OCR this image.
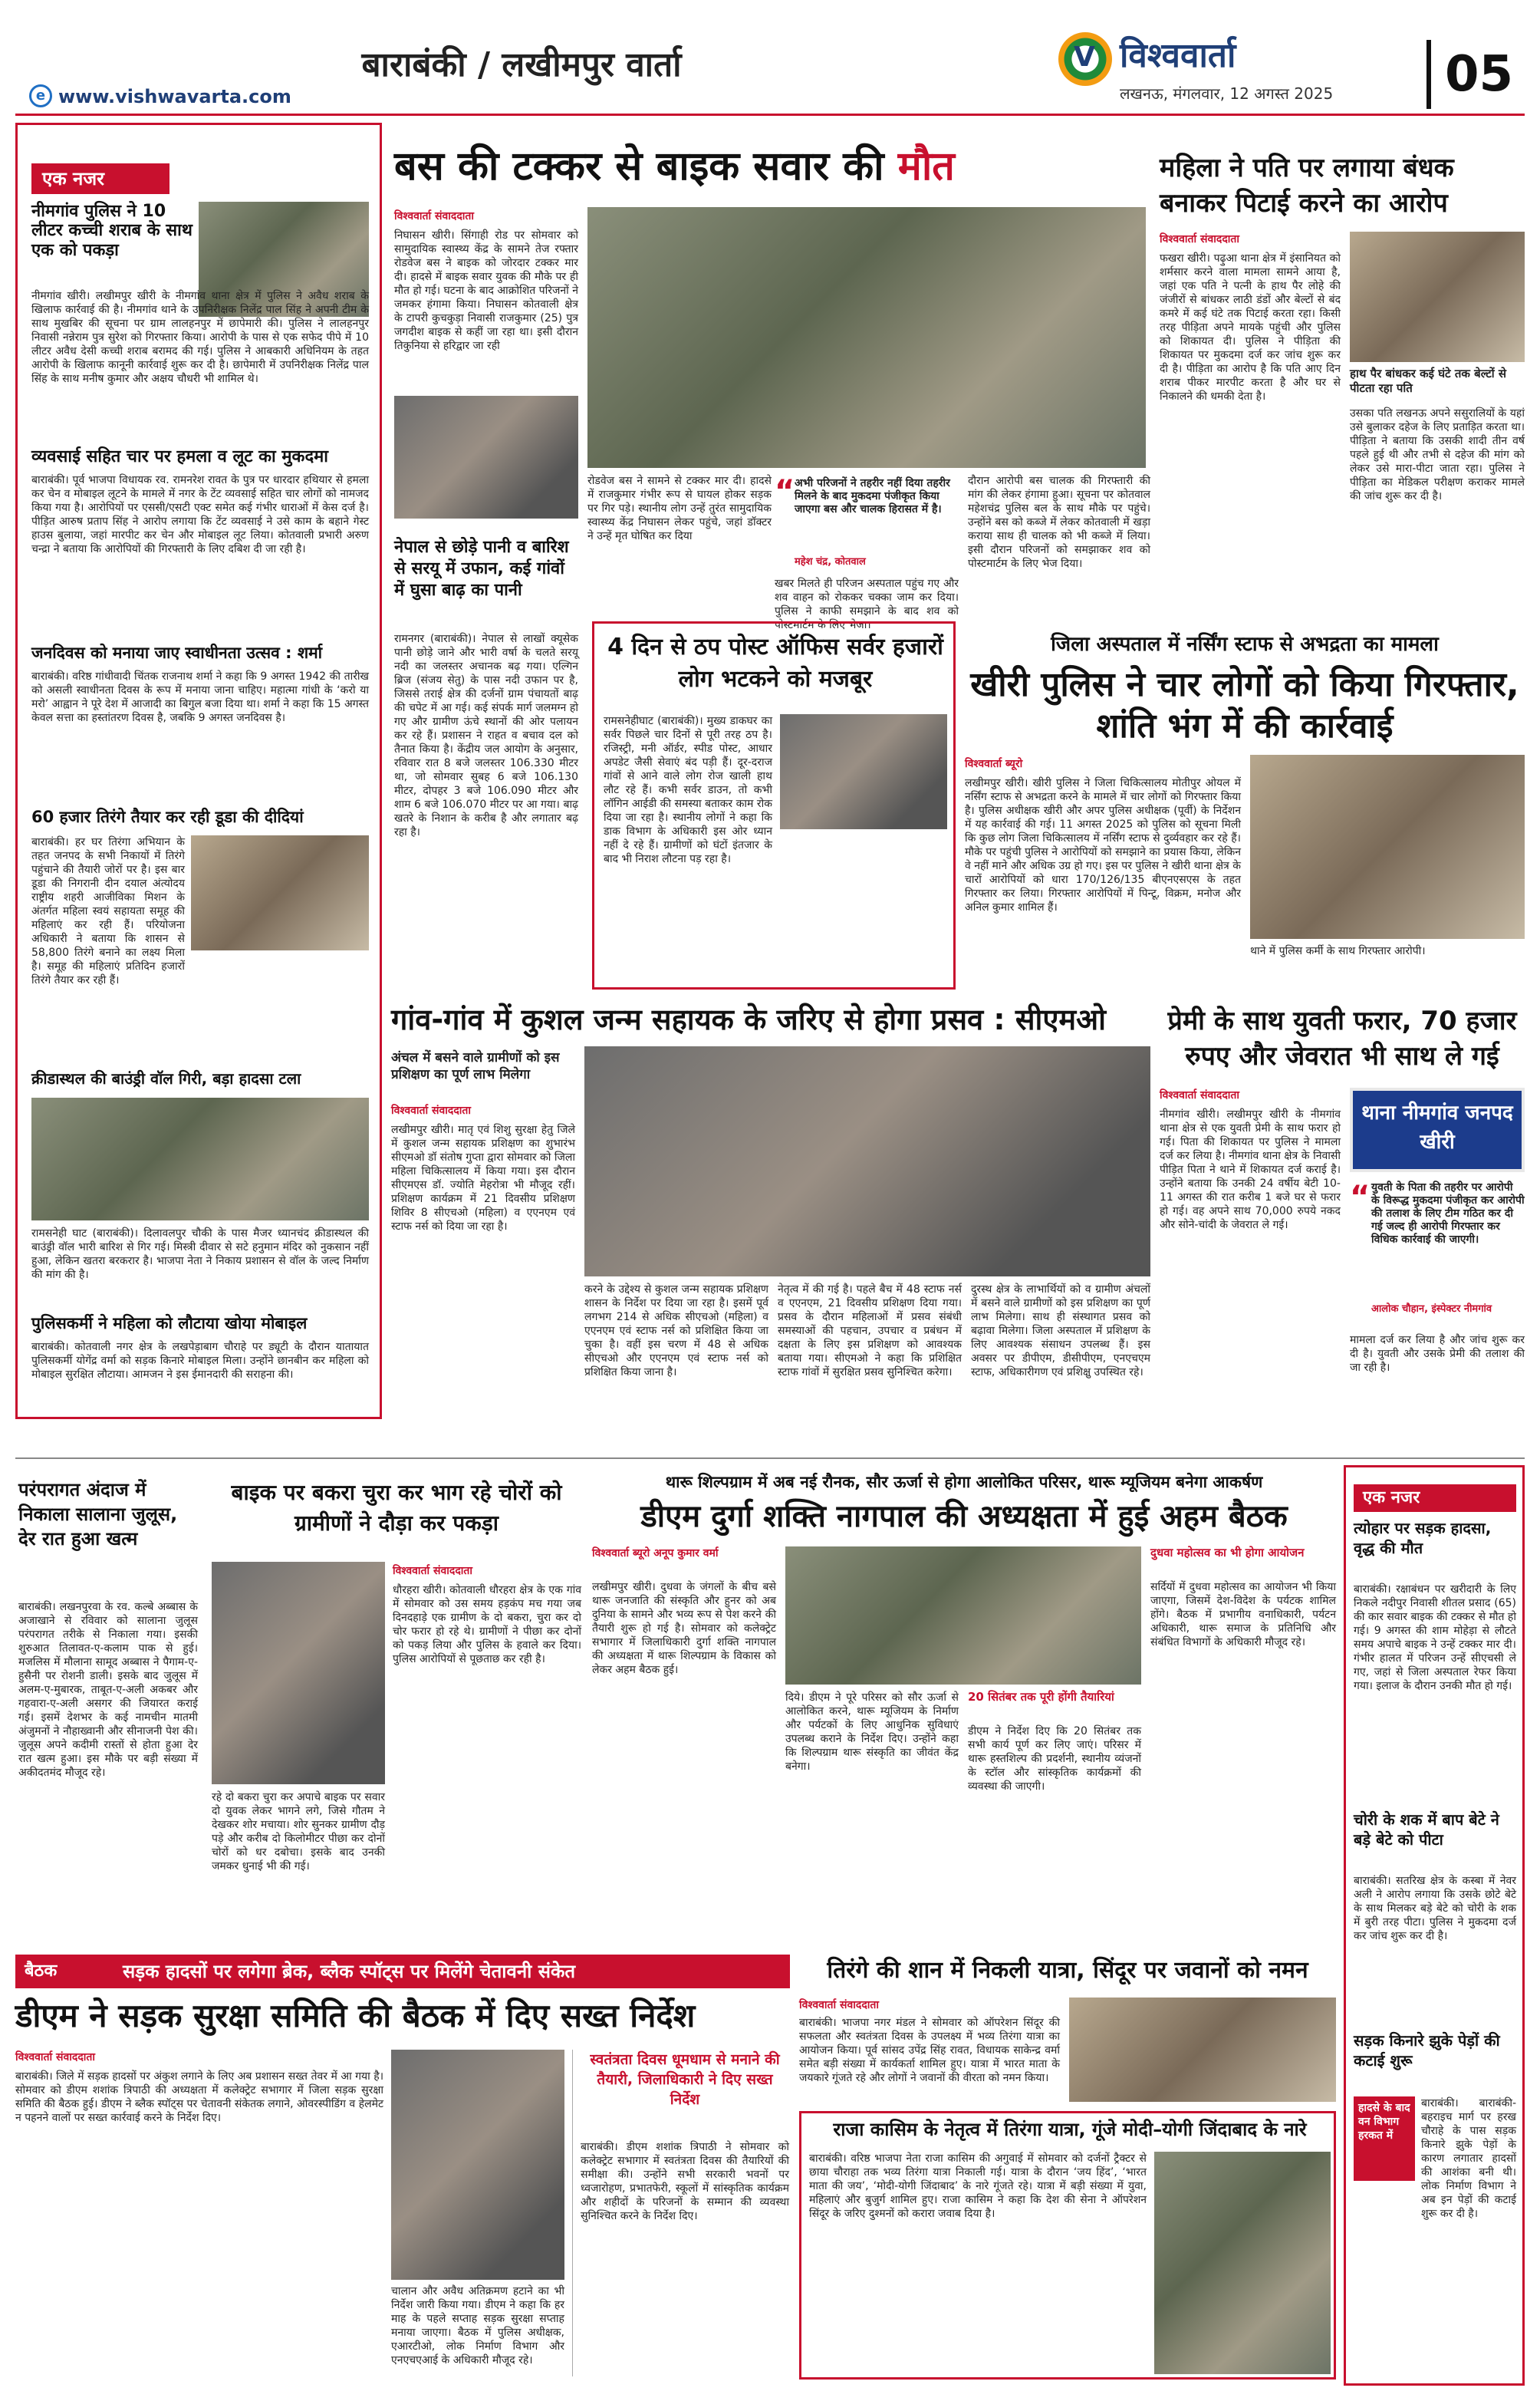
बाराबंकी / लखीमपुर वार्ता
e www.vishwavarta.com
V विश्ववार्ता
लखनऊ, मंगलवार, 12 अगस्त 2025	05
एक नजर
नीमगांव पुलिस ने 10 लीटर कच्ची शराब के साथ एक को पकड़ा
नीमगांव खीरी। लखीमपुर खीरी के नीमगांव थाना क्षेत्र में पुलिस ने अवैध शराब के खिलाफ कार्रवाई की है। नीमगांव थाने के उपनिरीक्षक निलेंद्र पाल सिंह ने अपनी टीम के साथ मुखबिर की सूचना पर ग्राम लालहनपुर में छापेमारी की। पुलिस ने लालहनपुर निवासी नन्नेराम पुत्र सुरेश को गिरफ्तार किया। आरोपी के पास से एक सफेद पीपे में 10 लीटर अवैध देसी कच्ची शराब बरामद की गई। पुलिस ने आबकारी अधिनियम के तहत आरोपी के खिलाफ कानूनी कार्रवाई शुरू कर दी है। छापेमारी में उपनिरीक्षक निलेंद्र पाल सिंह के साथ मनीष कुमार और अक्षय चौधरी भी शामिल थे।
व्यवसाई सहित चार पर हमला व लूट का मुकदमा
बाराबंकी। पूर्व भाजपा विधायक रव. रामनरेश रावत के पुत्र पर धारदार हथियार से हमला कर चेन व मोबाइल लूटने के मामले में नगर के टेंट व्यवसाई सहित चार लोगों को नामजद किया गया है। आरोपियों पर एससी/एसटी एक्ट समेत कई गंभीर धाराओं में केस दर्ज है। पीड़ित आरुष प्रताप सिंह ने आरोप लगाया कि टेंट व्यवसाई ने उसे काम के बहाने गेस्ट हाउस बुलाया, जहां मारपीट कर चेन और मोबाइल लूट लिया। कोतवाली प्रभारी अरुण चन्द्रा ने बताया कि आरोपियों की गिरफ्तारी के लिए दबिश दी जा रही है।
जनदिवस को मनाया जाए स्वाधीनता उत्सव : शर्मा
बाराबंकी। वरिष्ठ गांधीवादी चिंतक राजनाथ शर्मा ने कहा कि 9 अगस्त 1942 की तारीख को असली स्वाधीनता दिवस के रूप में मनाया जाना चाहिए। महात्मा गांधी के ‘करो या मरो’ आह्वान ने पूरे देश में आजादी का बिगुल बजा दिया था। शर्मा ने कहा कि 15 अगस्त केवल सत्ता का हस्तांतरण दिवस है, जबकि 9 अगस्त जनदिवस है।
60 हजार तिरंगे तैयार कर रही डूडा की दीदियां
बाराबंकी। हर घर तिरंगा अभियान के तहत जनपद के सभी निकायों में तिरंगे पहुंचाने की तैयारी जोरों पर है। इस बार डूडा की निगरानी दीन दयाल अंत्योदय राष्ट्रीय शहरी आजीविका मिशन के अंतर्गत महिला स्वयं सहायता समूह की महिलाएं कर रही हैं। परियोजना अधिकारी ने बताया कि शासन से 58,800 तिरंगे बनाने का लक्ष्य मिला है। समूह की महिलाएं प्रतिदिन हजारों तिरंगे तैयार कर रही हैं।
क्रीडास्थल की बाउंड्री वॉल गिरी, बड़ा हादसा टला
रामसनेही घाट (बाराबंकी)। दिलावलपुर चौकी के पास मैजर ध्यानचंद क्रीडास्थल की बाउंड्री वॉल भारी बारिश से गिर गई। मिस्त्री दीवार से सटे हनुमान मंदिर को नुकसान नहीं हुआ, लेकिन खतरा बरकरार है। भाजपा नेता ने निकाय प्रशासन से वॉल के जल्द निर्माण की मांग की है।
पुलिसकर्मी ने महिला को लौटाया खोया मोबाइल
बाराबंकी। कोतवाली नगर क्षेत्र के लखपेड़ाबाग चौराहे पर ड्यूटी के दौरान यातायात पुलिसकर्मी योगेंद्र वर्मा को सड़क किनारे मोबाइल मिला। उन्होंने छानबीन कर महिला को मोबाइल सुरक्षित लौटाया। आमजन ने इस ईमानदारी की सराहना की।
बस की टक्कर से बाइक सवार की मौत
विश्ववार्ता संवाददाता
निघासन खीरी। सिंगाही रोड पर सोमवार को सामुदायिक स्वास्थ्य केंद्र के सामने तेज रफ्तार रोडवेज बस ने बाइक को जोरदार टक्कर मार दी। हादसे में बाइक सवार युवक की मौके पर ही मौत हो गई। घटना के बाद आक्रोशित परिजनों ने जमकर हंगामा किया। निघासन कोतवाली क्षेत्र के टापरी कुचकुड़ा निवासी राजकुमार (25) पुत्र जगदीश बाइक से कहीं जा रहा था। इसी दौरान तिकुनिया से हरिद्वार जा रही
रोडवेज बस ने सामने से टक्कर मार दी। हादसे में राजकुमार गंभीर रूप से घायल होकर सड़क पर गिर पड़े। स्थानीय लोग उन्हें तुरंत सामुदायिक स्वास्थ्य केंद्र निघासन लेकर पहुंचे, जहां डॉक्टर ने उन्हें मृत घोषित कर दिया
“ अभी परिजनों ने तहरीर नहीं दिया तहरीर मिलने के बाद मुकदमा पंजीकृत किया जाएगा बस और चालक हिरासत में है।
महेश चंद्र, कोतवाल
खबर मिलते ही परिजन अस्पताल पहुंच गए और शव वाहन को रोककर चक्का जाम कर दिया। पुलिस ने काफी समझाने के बाद शव को पोस्टमार्टम के लिए भेजा।
दौरान आरोपी बस चालक की गिरफ्तारी की मांग की लेकर हंगामा हुआ। सूचना पर कोतवाल महेशचंद्र पुलिस बल के साथ मौके पर पहुंचे। उन्होंने बस को कब्जे में लेकर कोतवाली में खड़ा कराया साथ ही चालक को भी कब्जे में लिया। इसी दौरान परिजनों को समझाकर शव को पोस्टमार्टम के लिए भेज दिया।
नेपाल से छोड़े पानी व बारिश से सरयू में उफान, कई गांवों में घुसा बाढ़ का पानी
रामनगर (बाराबंकी)। नेपाल से लाखों क्यूसेक पानी छोड़े जाने और भारी वर्षा के चलते सरयू नदी का जलस्तर अचानक बढ़ गया। एल्गिन ब्रिज (संजय सेतु) के पास नदी उफान पर है, जिससे तराई क्षेत्र की दर्जनों ग्राम पंचायतों बाढ़ की चपेट में आ गई। कई संपर्क मार्ग जलमग्न हो गए और ग्रामीण ऊंचे स्थानों की ओर पलायन कर रहे हैं। प्रशासन ने राहत व बचाव दल को तैनात किया है। केंद्रीय जल आयोग के अनुसार, रविवार रात 8 बजे जलस्तर 106.330 मीटर था, जो सोमवार सुबह 6 बजे 106.130 मीटर, दोपहर 3 बजे 106.090 मीटर और शाम 6 बजे 106.070 मीटर पर आ गया। बाढ़ खतरे के निशान के करीब है और लगातार बढ़ रहा है।
4 दिन से ठप पोस्ट ऑफिस सर्वर हजारों लोग भटकने को मजबूर
रामसनेहीघाट (बाराबंकी)। मुख्य डाकघर का सर्वर पिछले चार दिनों से पूरी तरह ठप है। रजिस्ट्री, मनी ऑर्डर, स्पीड पोस्ट, आधार अपडेट जैसी सेवाएं बंद पड़ी हैं। दूर-दराज गांवों से आने वाले लोग रोज खाली हाथ लौट रहे हैं। कभी सर्वर डाउन, तो कभी लॉगिन आईडी की समस्या बताकर काम रोक दिया जा रहा है। स्थानीय लोगों ने कहा कि डाक विभाग के अधिकारी इस ओर ध्यान नहीं दे रहे हैं। ग्रामीणों को घंटों इंतजार के बाद भी निराश लौटना पड़ रहा है।
जिला अस्पताल में नर्सिंग स्टाफ से अभद्रता का मामला
खीरी पुलिस ने चार लोगों को किया गिरफ्तार, शांति भंग में की कार्रवाई
विश्ववार्ता ब्यूरो
लखीमपुर खीरी। खीरी पुलिस ने जिला चिकित्सालय मोतीपुर ओयल में नर्सिंग स्टाफ से अभद्रता करने के मामले में चार लोगों को गिरफ्तार किया है। पुलिस अधीक्षक खीरी और अपर पुलिस अधीक्षक (पूर्वी) के निर्देशन में यह कार्रवाई की गई। 11 अगस्त 2025 को पुलिस को सूचना मिली कि कुछ लोग जिला चिकित्सालय में नर्सिंग स्टाफ से दुर्व्यवहार कर रहे हैं। मौके पर पहुंची पुलिस ने आरोपियों को समझाने का प्रयास किया, लेकिन वे नहीं माने और अधिक उग्र हो गए। इस पर पुलिस ने खीरी थाना क्षेत्र के चारों आरोपियों को धारा 170/126/135 बीएनएसएस के तहत गिरफ्तार कर लिया। गिरफ्तार आरोपियों में पिन्टू, विक्रम, मनोज और अनिल कुमार शामिल हैं।
थाने में पुलिस कर्मी के साथ गिरफ्तार आरोपी।
महिला ने पति पर लगाया बंधक बनाकर पिटाई करने का आरोप
विश्ववार्ता संवाददाता
फखरा खीरी। पढ़ुआ थाना क्षेत्र में इंसानियत को शर्मसार करने वाला मामला सामने आया है, जहां एक पति ने पत्नी के हाथ पैर लोहे की जंजीरों से बांधकर लाठी डंडों और बेल्टों से बंद कमरे में कई घंटे तक पिटाई करता रहा। किसी तरह पीड़िता अपने मायके पहुंची और पुलिस को शिकायत दी। पुलिस ने पीड़िता की शिकायत पर मुकदमा दर्ज कर जांच शुरू कर दी है। पीड़िता का आरोप है कि पति आए दिन शराब पीकर मारपीट करता है और घर से निकालने की धमकी देता है।
हाथ पैर बांधकर कई घंटे तक बेल्टों से पीटता रहा पति
उसका पति लखनऊ अपने ससुरालियों के यहां उसे बुलाकर दहेज के लिए प्रताड़ित करता था। पीड़िता ने बताया कि उसकी शादी तीन वर्ष पहले हुई थी और तभी से दहेज की मांग को लेकर उसे मारा-पीटा जाता रहा। पुलिस ने पीड़िता का मेडिकल परीक्षण कराकर मामले की जांच शुरू कर दी है।
गांव-गांव में कुशल जन्म सहायक के जरिए से होगा प्रसव : सीएमओ
अंचल में बसने वाले ग्रामीणों को इस प्रशिक्षण का पूर्ण लाभ मिलेगा
विश्ववार्ता संवाददाता
लखीमपुर खीरी। मातृ एवं शिशु सुरक्षा हेतु जिले में कुशल जन्म सहायक प्रशिक्षण का शुभारंभ सीएमओ डॉ संतोष गुप्ता द्वारा सोमवार को जिला महिला चिकित्सालय में किया गया। इस दौरान सीएमएस डॉ. ज्योति मेहरोत्रा भी मौजूद रहीं। प्रशिक्षण कार्यक्रम में 21 दिवसीय प्रशिक्षण शिविर 8 सीएचओ (महिला) व एएनएम एवं स्टाफ नर्स को दिया जा रहा है।
करने के उद्देश्य से कुशल जन्म सहायक प्रशिक्षण शासन के निर्देश पर दिया जा रहा है। इसमें पूर्व लगभग 214 से अधिक सीएचओ (महिला) व एएनएम एवं स्टाफ नर्स को प्रशिक्षित किया जा चुका है। वहीं इस चरण में 48 से अधिक सीएचओ और एएनएम एवं स्टाफ नर्स को प्रशिक्षित किया जाना है।
नेतृत्व में की गई है। पहले बैच में 48 स्टाफ नर्स व एएनएम, 21 दिवसीय प्रशिक्षण दिया गया। प्रसव के दौरान महिलाओं में प्रसव संबंधी समस्याओं की पहचान, उपचार व प्रबंधन में दक्षता के लिए इस प्रशिक्षण को आवश्यक बताया गया। सीएमओ ने कहा कि प्रशिक्षित स्टाफ गांवों में सुरक्षित प्रसव सुनिश्चित करेगा।
दुरस्थ क्षेत्र के लाभार्थियों को व ग्रामीण अंचलों में बसने वाले ग्रामीणों को इस प्रशिक्षण का पूर्ण लाभ मिलेगा। साथ ही संस्थागत प्रसव को बढ़ावा मिलेगा। जिला अस्पताल में प्रशिक्षण के लिए आवश्यक संसाधन उपलब्ध हैं। इस अवसर पर डीपीएम, डीसीपीएम, एनएचएम स्टाफ, अधिकारीगण एवं प्रशिक्षु उपस्थित रहे।
प्रेमी के साथ युवती फरार, 70 हजार रुपए और जेवरात भी साथ ले गई
विश्ववार्ता संवाददाता
नीमगांव खीरी। लखीमपुर खीरी के नीमगांव थाना क्षेत्र से एक युवती प्रेमी के साथ फरार हो गई। पिता की शिकायत पर पुलिस ने मामला दर्ज कर लिया है। नीमगांव थाना क्षेत्र के निवासी पीड़ित पिता ने थाने में शिकायत दर्ज कराई है। उन्होंने बताया कि उनकी 24 वर्षीय बेटी 10-11 अगस्त की रात करीब 1 बजे घर से फरार हो गई। वह अपने साथ 70,000 रुपये नकद और सोने-चांदी के जेवरात ले गई।
थाना नीमगांव जनपद खीरी
“ युवती के पिता की तहरीर पर आरोपी के विरूद्ध मुकदमा पंजीकृत कर आरोपी की तलाश के लिए टीम गठित कर दी गई जल्द ही आरोपी गिरफ्तार कर विधिक कार्रवाई की जाएगी।
आलोक चौहान, इंस्पेक्टर नीमगांव
मामला दर्ज कर लिया है और जांच शुरू कर दी है। युवती और उसके प्रेमी की तलाश की जा रही है।
परंपरागत अंदाज में निकाला सालाना जुलूस, देर रात हुआ खत्म
बाराबंकी। लखनपुरवा के रव. कल्बे अब्बास के अजाखाने से रविवार को सालाना जुलूस परंपरागत तरीके से निकाला गया। इसकी शुरुआत तिलावत-ए-कलाम पाक से हुई। मजलिस में मौलाना सामूद अब्बास ने पैगाम-ए-हुसैनी पर रोशनी डाली। इसके बाद जुलूस में अलम-ए-मुबारक, ताबूत-ए-अली अकबर और गहवारा-ए-अली असगर की जियारत कराई गई। इसमें देशभर के कई नामचीन मातमी अंजुमनों ने नौहाख्वानी और सीनाजनी पेश की। जुलूस अपने कदीमी रास्तों से होता हुआ देर रात खत्म हुआ। इस मौके पर बड़ी संख्या में अकीदतमंद मौजूद रहे।
बाइक पर बकरा चुरा कर भाग रहे चोरों को ग्रामीणों ने दौड़ा कर पकड़ा
विश्ववार्ता संवाददाता
धौरहरा खीरी। कोतवाली धौरहरा क्षेत्र के एक गांव में सोमवार को उस समय हड़कंप मच गया जब दिनदहाड़े एक ग्रामीण के दो बकरा, चुरा कर दो चोर फरार हो रहे थे। ग्रामीणों ने पीछा कर दोनों को पकड़ लिया और पुलिस के हवाले कर दिया। पुलिस आरोपियों से पूछताछ कर रही है।
रहे दो बकरा चुरा कर अपाचे बाइक पर सवार दो युवक लेकर भागने लगे, जिसे गौतम ने देखकर शोर मचाया। शोर सुनकर ग्रामीण दौड़ पड़े और करीब दो किलोमीटर पीछा कर दोनों चोरों को धर दबोचा। इसके बाद उनकी जमकर धुनाई भी की गई।
थारू शिल्पग्राम में अब नई रौनक, सौर ऊर्जा से होगा आलोकित परिसर, थारू म्यूजियम बनेगा आकर्षण
डीएम दुर्गा शक्ति नागपाल की अध्यक्षता में हुई अहम बैठक
विश्ववार्ता ब्यूरो अनूप कुमार वर्मा
लखीमपुर खीरी। दुधवा के जंगलों के बीच बसे थारू जनजाति की संस्कृति और हुनर को अब दुनिया के सामने और भव्य रूप से पेश करने की तैयारी शुरू हो गई है। सोमवार को कलेक्ट्रेट सभागार में जिलाधिकारी दुर्गा शक्ति नागपाल की अध्यक्षता में थारू शिल्पग्राम के विकास को लेकर अहम बैठक हुई।
दिये। डीएम ने पूरे परिसर को सौर ऊर्जा से आलोकित करने, थारू म्यूजियम के निर्माण और पर्यटकों के लिए आधुनिक सुविधाएं उपलब्ध कराने के निर्देश दिए। उन्होंने कहा कि शिल्पग्राम थारू संस्कृति का जीवंत केंद्र बनेगा।
20 सितंबर तक पूरी होंगी तैयारियां
डीएम ने निर्देश दिए कि 20 सितंबर तक सभी कार्य पूर्ण कर लिए जाएं। परिसर में थारू हस्तशिल्प की प्रदर्शनी, स्थानीय व्यंजनों के स्टॉल और सांस्कृतिक कार्यक्रमों की व्यवस्था की जाएगी।
दुधवा महोत्सव का भी होगा आयोजन
सर्दियों में दुधवा महोत्सव का आयोजन भी किया जाएगा, जिसमें देश-विदेश के पर्यटक शामिल होंगे। बैठक में प्रभागीय वनाधिकारी, पर्यटन अधिकारी, थारू समाज के प्रतिनिधि और संबंधित विभागों के अधिकारी मौजूद रहे।
एक नजर
त्योहार पर सड़क हादसा, वृद्ध की मौत
बाराबंकी। रक्षाबंधन पर खरीदारी के लिए निकले नदीपुर निवासी शीतल प्रसाद (65) की कार सवार बाइक की टक्कर से मौत हो गई। 9 अगस्त की शाम मोहेड़ा से लौटते समय अपाचे बाइक ने उन्हें टक्कर मार दी। गंभीर हालत में परिजन उन्हें सीएचसी ले गए, जहां से जिला अस्पताल रेफर किया गया। इलाज के दौरान उनकी मौत हो गई।
चोरी के शक में बाप बेटे ने बड़े बेटे को पीटा
बाराबंकी। सतरिख क्षेत्र के कस्बा में नेवर अली ने आरोप लगाया कि उसके छोटे बेटे के साथ मिलकर बड़े बेटे को चोरी के शक में बुरी तरह पीटा। पुलिस ने मुकदमा दर्ज कर जांच शुरू कर दी है।
सड़क किनारे झुके पेड़ों की कटाई शुरू
हादसे के बाद वन विभाग हरकत में
बाराबंकी। बाराबंकी-बहराइच मार्ग पर हरख चौराहे के पास सड़क किनारे झुके पेड़ों के कारण लगातार हादसों की आशंका बनी थी। लोक निर्माण विभाग ने अब इन पेड़ों की कटाई शुरू कर दी है।
बैठक	सड़क हादसों पर लगेगा ब्रेक, ब्लैक स्पॉट्स पर मिलेंगे चेतावनी संकेत
डीएम ने सड़क सुरक्षा समिति की बैठक में दिए सख्त निर्देश
विश्ववार्ता संवाददाता
बाराबंकी। जिले में सड़क हादसों पर अंकुश लगाने के लिए अब प्रशासन सख्त तेवर में आ गया है। सोमवार को डीएम शशांक त्रिपाठी की अध्यक्षता में कलेक्ट्रेट सभागार में जिला सड़क सुरक्षा समिति की बैठक हुई। डीएम ने ब्लैक स्पॉट्स पर चेतावनी संकेतक लगाने, ओवरस्पीडिंग व हेलमेट न पहनने वालों पर सख्त कार्रवाई करने के निर्देश दिए।
चालान और अवैध अतिक्रमण हटाने का भी निर्देश जारी किया गया। डीएम ने कहा कि हर माह के पहले सप्ताह सड़क सुरक्षा सप्ताह मनाया जाएगा। बैठक में पुलिस अधीक्षक, एआरटीओ, लोक निर्माण विभाग और एनएचएआई के अधिकारी मौजूद रहे।
स्वतंत्रता दिवस धूमधाम से मनाने की तैयारी, जिलाधिकारी ने दिए सख्त निर्देश
बाराबंकी। डीएम शशांक त्रिपाठी ने सोमवार को कलेक्ट्रेट सभागार में स्वतंत्रता दिवस की तैयारियों की समीक्षा की। उन्होंने सभी सरकारी भवनों पर ध्वजारोहण, प्रभातफेरी, स्कूलों में सांस्कृतिक कार्यक्रम और शहीदों के परिजनों के सम्मान की व्यवस्था सुनिश्चित करने के निर्देश दिए।
तिरंगे की शान में निकली यात्रा, सिंदूर पर जवानों को नमन
विश्ववार्ता संवाददाता
बाराबंकी। भाजपा नगर मंडल ने सोमवार को ऑपरेशन सिंदूर की सफलता और स्वतंत्रता दिवस के उपलक्ष्य में भव्य तिरंगा यात्रा का आयोजन किया। पूर्व सांसद उपेंद्र सिंह रावत, विधायक साकेन्द्र वर्मा समेत बड़ी संख्या में कार्यकर्ता शामिल हुए। यात्रा में भारत माता के जयकारे गूंजते रहे और लोगों ने जवानों की वीरता को नमन किया।
राजा कासिम के नेतृत्व में तिरंगा यात्रा, गूंजे मोदी–योगी जिंदाबाद के नारे
बाराबंकी। वरिष्ठ भाजपा नेता राजा कासिम की अगुवाई में सोमवार को दर्जनों ट्रैक्टर से छाया चौराहा तक भव्य तिरंगा यात्रा निकाली गई। यात्रा के दौरान ‘जय हिंद’, ‘भारत माता की जय’, ‘मोदी-योगी जिंदाबाद’ के नारे गूंजते रहे। यात्रा में बड़ी संख्या में युवा, महिलाएं और बुजुर्ग शामिल हुए। राजा कासिम ने कहा कि देश की सेना ने ऑपरेशन सिंदूर के जरिए दुश्मनों को करारा जवाब दिया है।
